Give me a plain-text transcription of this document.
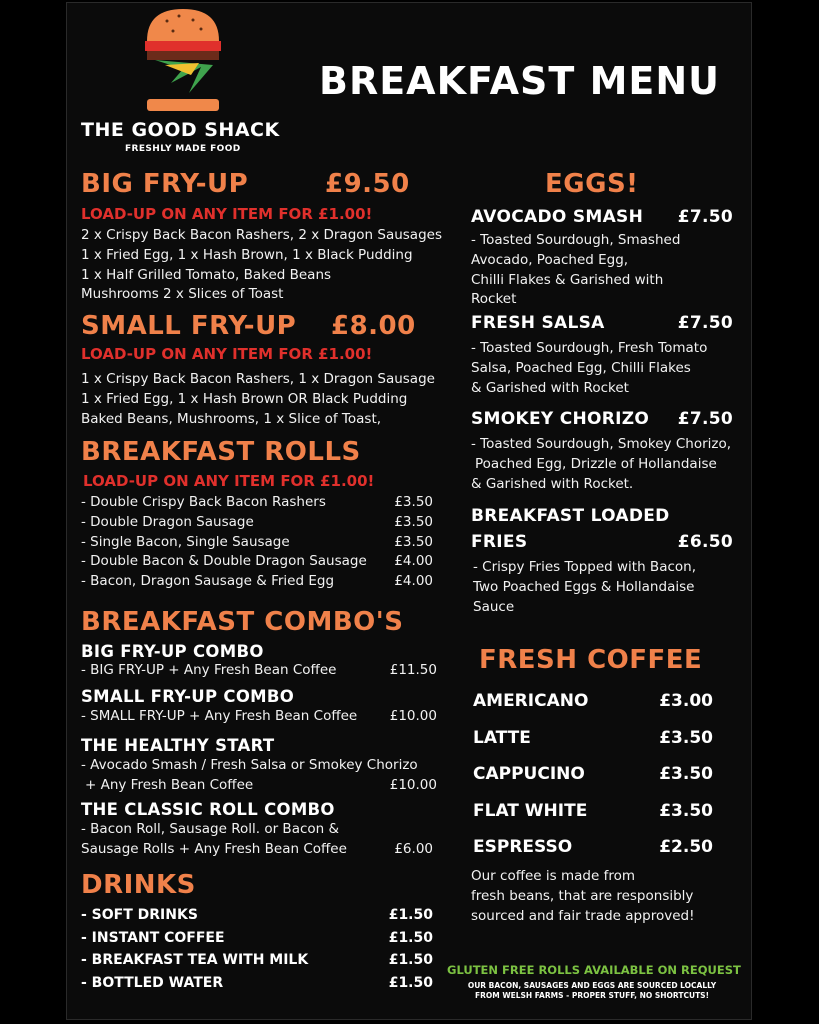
THE GOOD SHACK
FRESHLY MADE FOOD
BREAKFAST MENU
BIG FRY-UP	£9.50
LOAD-UP ON ANY ITEM FOR £1.00!
2 x Crispy Back Bacon Rashers, 2 x Dragon Sausages
1 x Fried Egg, 1 x Hash Brown, 1 x Black Pudding
1 x Half Grilled Tomato, Baked Beans
Mushrooms 2 x Slices of Toast
SMALL FRY-UP £8.00
LOAD-UP ON ANY ITEM FOR £1.00!
1 x Crispy Back Bacon Rashers, 1 x Dragon Sausage
1 x Fried Egg, 1 x Hash Brown OR Black Pudding
Baked Beans, Mushrooms, 1 x Slice of Toast,
BREAKFAST ROLLS
LOAD-UP ON ANY ITEM FOR £1.00!
- Double Crispy Back Bacon Rashers	£3.50
- Double Dragon Sausage	£3.50
- Single Bacon, Single Sausage	£3.50
- Double Bacon & Double Dragon Sausage £4.00
- Bacon, Dragon Sausage & Fried Egg	£4.00
BREAKFAST COMBO'S
BIG FRY-UP COMBO
- BIG FRY-UP + Any Fresh Bean Coffee	£11.50
SMALL FRY-UP COMBO
- SMALL FRY-UP + Any Fresh Bean Coffee £10.00
THE HEALTHY START
- Avocado Smash / Fresh Salsa or Smokey Chorizo
+ Any Fresh Bean Coffee	£10.00
THE CLASSIC ROLL COMBO
- Bacon Roll, Sausage Roll. or Bacon &
Sausage Rolls + Any Fresh Bean Coffee	£6.00
DRINKS
- SOFT DRINKS	£1.50
- INSTANT COFFEE	£1.50
- BREAKFAST TEA WITH MILK	£1.50
- BOTTLED WATER	£1.50
EGGS!
AVOCADO SMASH £7.50
- Toasted Sourdough, Smashed
Avocado, Poached Egg,
Chilli Flakes & Garished with
Rocket
FRESH SALSA	£7.50
- Toasted Sourdough, Fresh Tomato
Salsa, Poached Egg, Chilli Flakes
& Garished with Rocket
SMOKEY CHORIZO £7.50
- Toasted Sourdough, Smokey Chorizo,
Poached Egg, Drizzle of Hollandaise
& Garished with Rocket.
BREAKFAST LOADED
FRIES	£6.50
- Crispy Fries Topped with Bacon,
Two Poached Eggs & Hollandaise
Sauce
FRESH COFFEE
AMERICANO	£3.00
LATTE	£3.50
CAPPUCINO	£3.50
FLAT WHITE	£3.50
ESPRESSO	£2.50
Our coffee is made from
fresh beans, that are responsibly
sourced and fair trade approved!
GLUTEN FREE ROLLS AVAILABLE ON REQUEST
OUR BACON, SAUSAGES AND EGGS ARE SOURCED LOCALLY
FROM WELSH FARMS - PROPER STUFF, NO SHORTCUTS!
